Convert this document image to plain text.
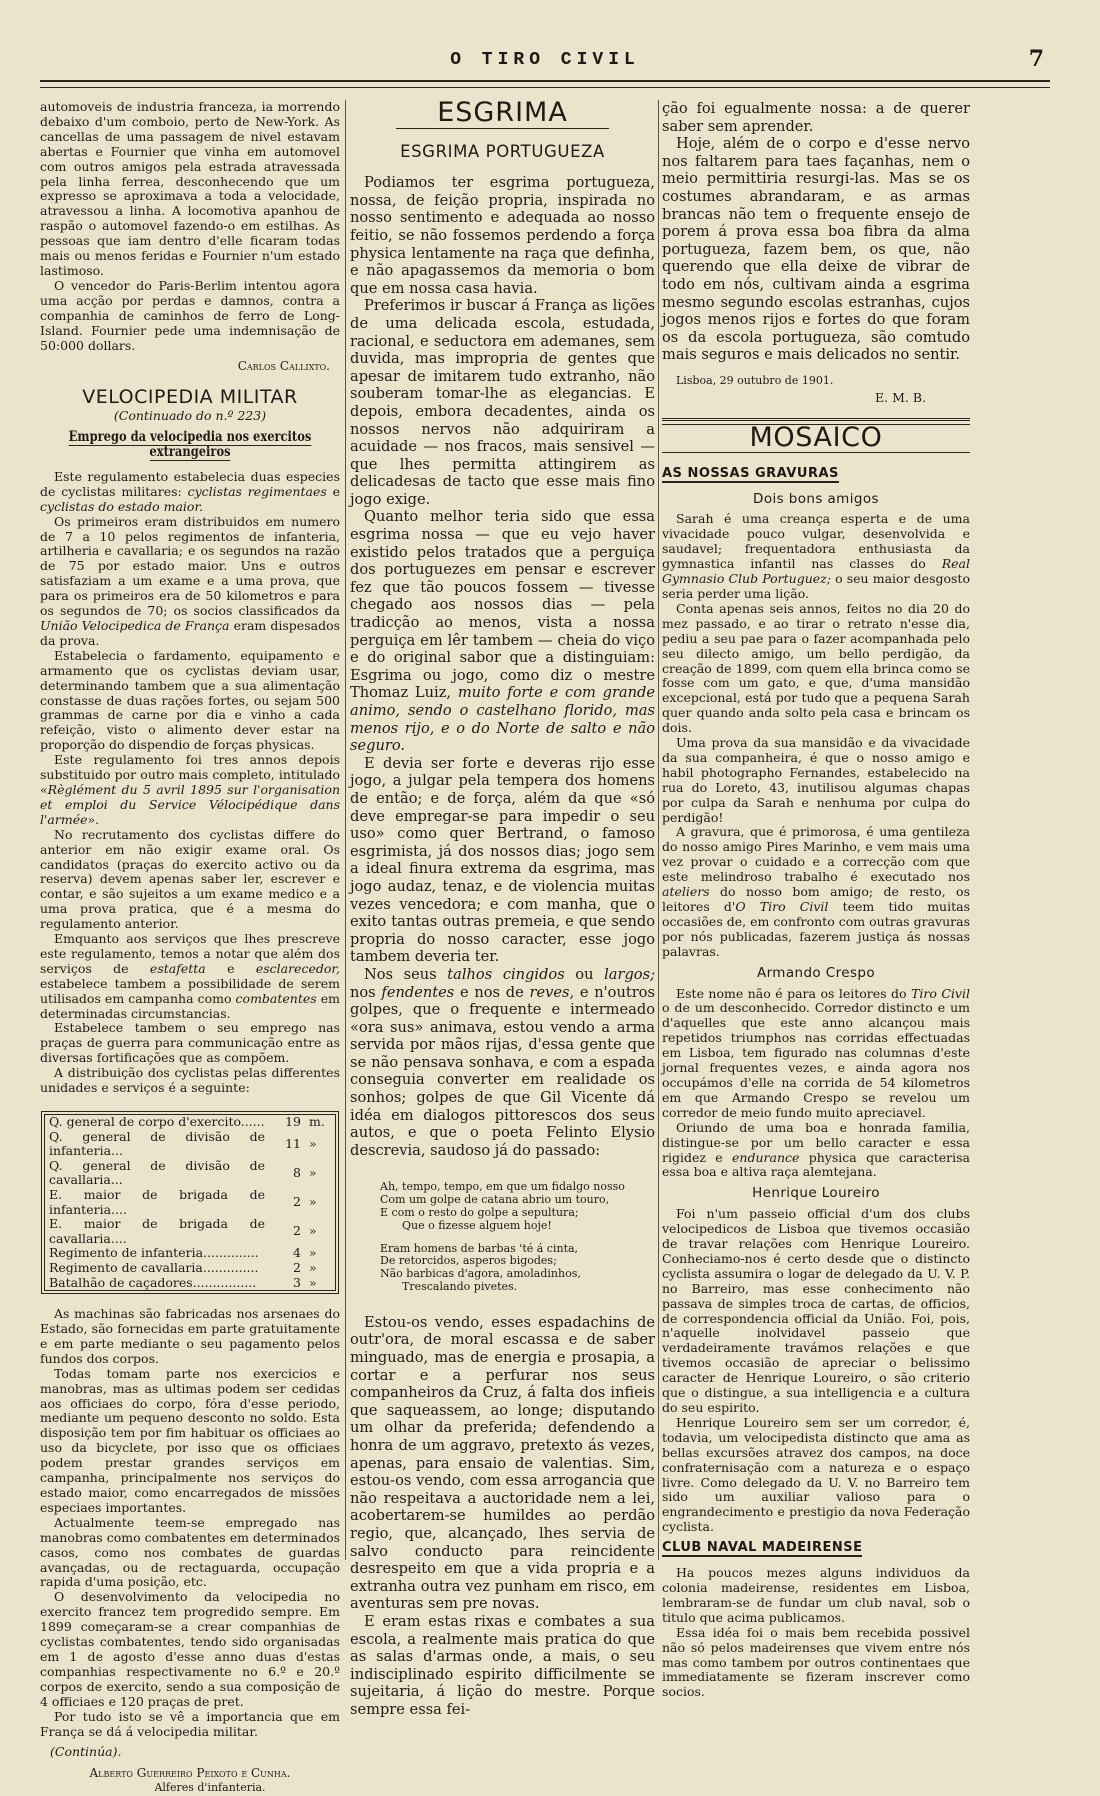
O TIRO CIVIL	7

automoveis de industria franceza, ia morrendo debaixo d'um comboio, perto de New-York. As cancellas de uma passagem de nivel estavam abertas e Fournier que vinha em automovel com outros amigos pela estrada atravessada pela linha ferrea, desconhecendo que um expresso se aproximava a toda a velocidade, atravessou a linha. A locomotiva apanhou de raspão o automovel fazendo-o em estilhas. As pessoas que iam dentro d'elle ficaram todas mais ou menos feridas e Fournier n'um estado lastimoso.

O vencedor do Paris-Berlim intentou agora uma acção por perdas e damnos, contra a companhia de caminhos de ferro de Long-Island. Fournier pede uma indemnisação de 50:000 dollars.

Carlos Callixto.
VELOCIPEDIA MILITAR
(Continuado do n.º 223)
Emprego da velocipedia nos exercitos extrangeiros

Este regulamento estabelecia duas especies de cyclistas militares: cyclistas regimentaes e cyclistas do estado maior.

Os primeiros eram distribuidos em numero de 7 a 10 pelos regimentos de infanteria, artilheria e cavallaria; e os segundos na razão de 75 por estado maior. Uns e outros satisfaziam a um exame e a uma prova, que para os primeiros era de 50 kilometros e para os segundos de 70; os socios classificados da União Velocipedica de França eram dispesados da prova.

Estabelecia o fardamento, equipamento e armamento que os cyclistas deviam usar, determinando tambem que a sua alimentação constasse de duas rações fortes, ou sejam 500 grammas de carne por dia e vinho a cada refeição, visto o alimento dever estar na proporção do dispendio de forças physicas.

Este regulamento foi tres annos depois substituido por outro mais completo, intitulado «Règlément du 5 avril 1895 sur l'organisation et emploi du Service Vélocipédique dans l'armée».

No recrutamento dos cyclistas differe do anterior em não exigir exame oral. Os candidatos (praças do exercito activo ou da reserva) devem apenas saber ler, escrever e contar, e são sujeitos a um exame medico e a uma prova pratica, que é a mesma do regulamento anterior.

Emquanto aos serviços que lhes prescreve este regulamento, temos a notar que além dos serviços de estafetta e esclarecedor, estabelece tambem a possibilidade de serem utilisados em campanha como combatentes em determinadas circumstancias.

Estabelece tambem o seu emprego nas praças de guerra para communicação entre as diversas fortificações que as compõem.

A distribuição dos cyclistas pelas differentes unidades e serviços é a seguinte:

Q. general de corpo d'exercito......	19	m.
Q. general de divisão de infanteria...	11	»
Q. general de divisão de cavallaria...	8	»
E. maior de brigada de infanteria....	2	»
E. maior de brigada de cavallaria....	2	»
Regimento de infanteria..............	4	»
Regimento de cavallaria..............	2	»
Batalhão de caçadores................	3	»

As machinas são fabricadas nos arsenaes do Estado, são fornecidas em parte gratuitamente e em parte mediante o seu pagamento pelos fundos dos corpos.

Todas tomam parte nos exercicios e manobras, mas as ultimas podem ser cedidas aos officiaes do corpo, fóra d'esse periodo, mediante um pequeno desconto no soldo. Esta disposição tem por fim habituar os officiaes ao uso da bicyclete, por isso que os officiaes podem prestar grandes serviços em campanha, principalmente nos serviços do estado maior, como encarregados de missões especiaes importantes.

Actualmente teem-se empregado nas manobras como combatentes em determinados casos, como nos combates de guardas avançadas, ou de rectaguarda, occupação rapida d'uma posição, etc.

O desenvolvimento da velocipedia no exercito francez tem progredido sempre. Em 1899 começaram-se a crear companhias de cyclistas combatentes, tendo sido organisadas em 1 de agosto d'esse anno duas d'estas companhias respectivamente no 6.º e 20.º corpos de exercito, sendo a sua composição de 4 officiaes e 120 praças de pret.

Por tudo isto se vê a importancia que em França se dá á velocipedia militar.

(Continúa).
Alberto Guerreiro Peixoto e Cunha.
Alferes d'infanteria.
ESGRIMA
ESGRIMA PORTUGUEZA

Podiamos ter esgrima portugueza, nossa, de feição propria, inspirada no nosso sentimento e adequada ao nosso feitio, se não fossemos perdendo a força physica lentamente na raça que definha, e não apagassemos da memoria o bom que em nossa casa havia.

Preferimos ir buscar á França as lições de uma delicada escola, estudada, racional, e seductora em ademanes, sem duvida, mas impropria de gentes que apesar de imitarem tudo extranho, não souberam tomar-lhe as elegancias. E depois, embora decadentes, ainda os nossos nervos não adquiriram a acuidade — nos fracos, mais sensivel — que lhes permitta attingirem as delicadesas de tacto que esse mais fino jogo exige.

Quanto melhor teria sido que essa esgrima nossa — que eu vejo haver existido pelos tratados que a perguiça dos portuguezes em pensar e escrever fez que tão poucos fossem — tivesse chegado aos nossos dias — pela tradicção ao menos, vista a nossa perguiça em lêr tambem — cheia do viço e do original sabor que a distinguiam: Esgrima ou jogo, como diz o mestre Thomaz Luiz, muito forte e com grande animo, sendo o castelhano florido, mas menos rijo, e o do Norte de salto e não seguro.

E devia ser forte e deveras rijo esse jogo, a julgar pela tempera dos homens de então; e de força, além da que «só deve empregar-se para impedir o seu uso» como quer Bertrand, o famoso esgrimista, já dos nossos dias; jogo sem a ideal finura extrema da esgrima, mas jogo audaz, tenaz, e de violencia muitas vezes vencedora; e com manha, que o exito tantas outras premeia, e que sendo propria do nosso caracter, esse jogo tambem deveria ter.

Nos seus talhos cingidos ou largos; nos fendentes e nos de reves, e n'outros golpes, que o frequente e intermeado «ora sus» animava, estou vendo a arma servida por mãos rijas, d'essa gente que se não pensava sonhava, e com a espada conseguia converter em realidade os sonhos; golpes de que Gil Vicente dá idéa em dialogos pittorescos dos seus autos, e que o poeta Felinto Elysio descrevia, saudoso já do passado:

Ah, tempo, tempo, em que um fidalgo nosso
Com um golpe de catana abrio um touro,
E com o resto do golpe a sepultura;
Que o fizesse alguem hoje!
Eram homens de barbas 'té á cinta,
De retorcidos, asperos bigodes;
Não barbicas d'agora, amoladinhos,
Trescalando pivetes.

Estou-os vendo, esses espadachins de outr'ora, de moral escassa e de saber minguado, mas de energia e prosapia, a cortar e a perfurar nos seus companheiros da Cruz, á falta dos infieis que saqueassem, ao longe; disputando um olhar da preferida; defendendo a honra de um aggravo, pretexto ás vezes, apenas, para ensaio de valentias. Sim, estou-os vendo, com essa arrogancia que não respeitava a auctoridade nem a lei, acobertarem-se humildes ao perdão regio, que, alcançado, lhes servia de salvo conducto para reincidente desrespeito em que a vida propria e a extranha outra vez punham em risco, em aventuras sem pre novas.

E eram estas rixas e combates a sua escola, a realmente mais pratica do que as salas d'armas onde, a mais, o seu indisciplinado espirito difficilmente se sujeitaria, á lição do mestre. Porque sempre essa fei-

ção foi egualmente nossa: a de querer saber sem aprender.

Hoje, além de o corpo e d'esse nervo nos faltarem para taes façanhas, nem o meio permittiria resurgi-las. Mas se os costumes abrandaram, e as armas brancas não tem o frequente ensejo de porem á prova essa boa fibra da alma portugueza, fazem bem, os que, não querendo que ella deixe de vibrar de todo em nós, cultivam ainda a esgrima mesmo segundo escolas estranhas, cujos jogos menos rijos e fortes do que foram os da escola portugueza, são comtudo mais seguros e mais delicados no sentir.

Lisboa, 29 outubro de 1901.
E. M. B.
MOSAICO
AS NOSSAS GRAVURAS
Dois bons amigos

Sarah é uma creança esperta e de uma vivacidade pouco vulgar, desenvolvida e saudavel; frequentadora enthusiasta da gymnastica infantil nas classes do Real Gymnasio Club Portuguez; o seu maior desgosto seria perder uma lição.

Conta apenas seis annos, feitos no dia 20 do mez passado, e ao tirar o retrato n'esse dia, pediu a seu pae para o fazer acompanhada pelo seu dilecto amigo, um bello perdigão, da creação de 1899, com quem ella brinca como se fosse com um gato, e que, d'uma mansidão excepcional, está por tudo que a pequena Sarah quer quando anda solto pela casa e brincam os dois.

Uma prova da sua mansidão e da vivacidade da sua companheira, é que o nosso amigo e habil photographo Fernandes, estabelecido na rua do Loreto, 43, inutilisou algumas chapas por culpa da Sarah e nenhuma por culpa do perdigão!

A gravura, que é primorosa, é uma gentileza do nosso amigo Pires Marinho, e vem mais uma vez provar o cuidado e a correcção com que este melindroso trabalho é executado nos ateliers do nosso bom amigo; de resto, os leitores d'O Tiro Civil teem tido muitas occasiões de, em confronto com outras gravuras por nós publicadas, fazerem justiça ás nossas palavras.

Armando Crespo

Este nome não é para os leitores do Tiro Civil o de um desconhecido. Corredor distincto e um d'aquelles que este anno alcançou mais repetidos triumphos nas corridas effectuadas em Lisboa, tem figurado nas columnas d'este jornal frequentes vezes, e ainda agora nos occupámos d'elle na corrida de 54 kilometros em que Armando Crespo se revelou um corredor de meio fundo muito apreciavel.

Oriundo de uma boa e honrada familia, distingue-se por um bello caracter e essa rigidez e endurance physica que caracterisa essa boa e altiva raça alemtejana.

Henrique Loureiro

Foi n'um passeio official d'um dos clubs velocipedicos de Lisboa que tivemos occasião de travar relações com Henrique Loureiro. Conheciamo-nos é certo desde que o distincto cyclista assumira o logar de delegado da U. V. P. no Barreiro, mas esse conhecimento não passava de simples troca de cartas, de officios, de correspondencia official da União. Foi, pois, n'aquelle inolvidavel passeio que verdadeiramente travámos relações e que tivemos occasião de apreciar o belissimo caracter de Henrique Loureiro, o são criterio que o distingue, a sua intelligencia e a cultura do seu espirito.

Henrique Loureiro sem ser um corredor, é, todavia, um velocipedista distincto que ama as bellas excursões atravez dos campos, na doce confraternisação com a natureza e o espaço livre. Como delegado da U. V. no Barreiro tem sido um auxiliar valioso para o engrandecimento e prestigio da nova Federação cyclista.

CLUB NAVAL MADEIRENSE

Ha poucos mezes alguns individuos da colonia madeirense, residentes em Lisboa, lembraram-se de fundar um club naval, sob o titulo que acima publicamos.

Essa idéa foi o mais bem recebida possivel não só pelos madeirenses que vivem entre nós mas como tambem por outros continentaes que immediatamente se fizeram inscrever como socios.
